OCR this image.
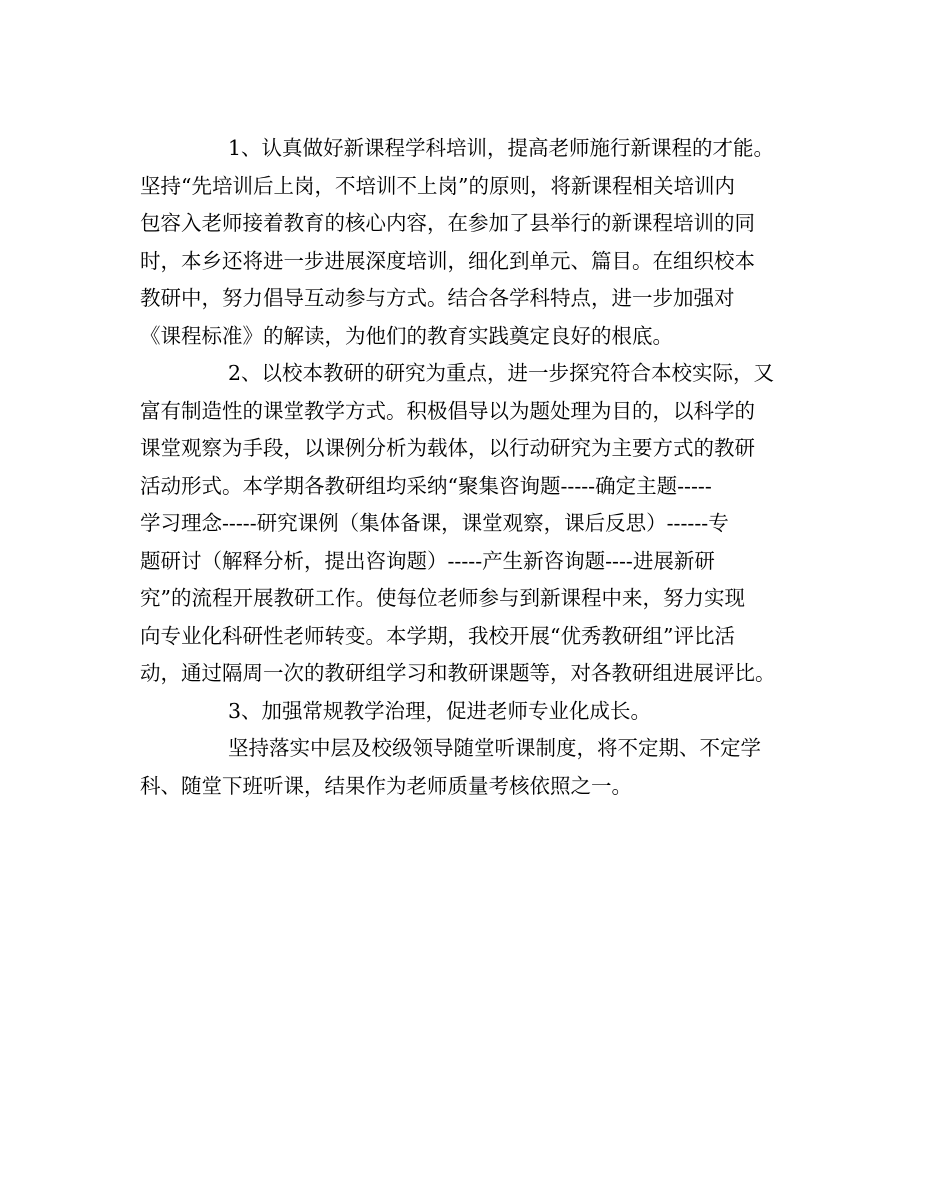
1、认真做好新课程学科培训，提高老师施行新课程的才能。
坚持“先培训后上岗，不培训不上岗”的原则，将新课程相关培训内
包容入老师接着教育的核心内容，在参加了县举行的新课程培训的同
时，本乡还将进一步进展深度培训，细化到单元、篇目。在组织校本
教研中，努力倡导互动参与方式。结合各学科特点，进一步加强对
《课程标准》的解读，为他们的教育实践奠定良好的根底。

2、以校本教研的研究为重点，进一步探究符合本校实际，又
富有制造性的课堂教学方式。积极倡导以为题处理为目的，以科学的
课堂观察为手段，以课例分析为载体，以行动研究为主要方式的教研
活动形式。本学期各教研组均采纳“聚集咨询题-----确定主题-----
学习理念-----研究课例（集体备课，课堂观察，课后反思）------专
题研讨（解释分析，提出咨询题）-----产生新咨询题----进展新研
究”的流程开展教研工作。使每位老师参与到新课程中来，努力实现
向专业化科研性老师转变。本学期，我校开展“优秀教研组”评比活
动，通过隔周一次的教研组学习和教研课题等，对各教研组进展评比。

3、加强常规教学治理，促进老师专业化成长。

坚持落实中层及校级领导随堂听课制度，将不定期、不定学
科、随堂下班听课，结果作为老师质量考核依照之一。
